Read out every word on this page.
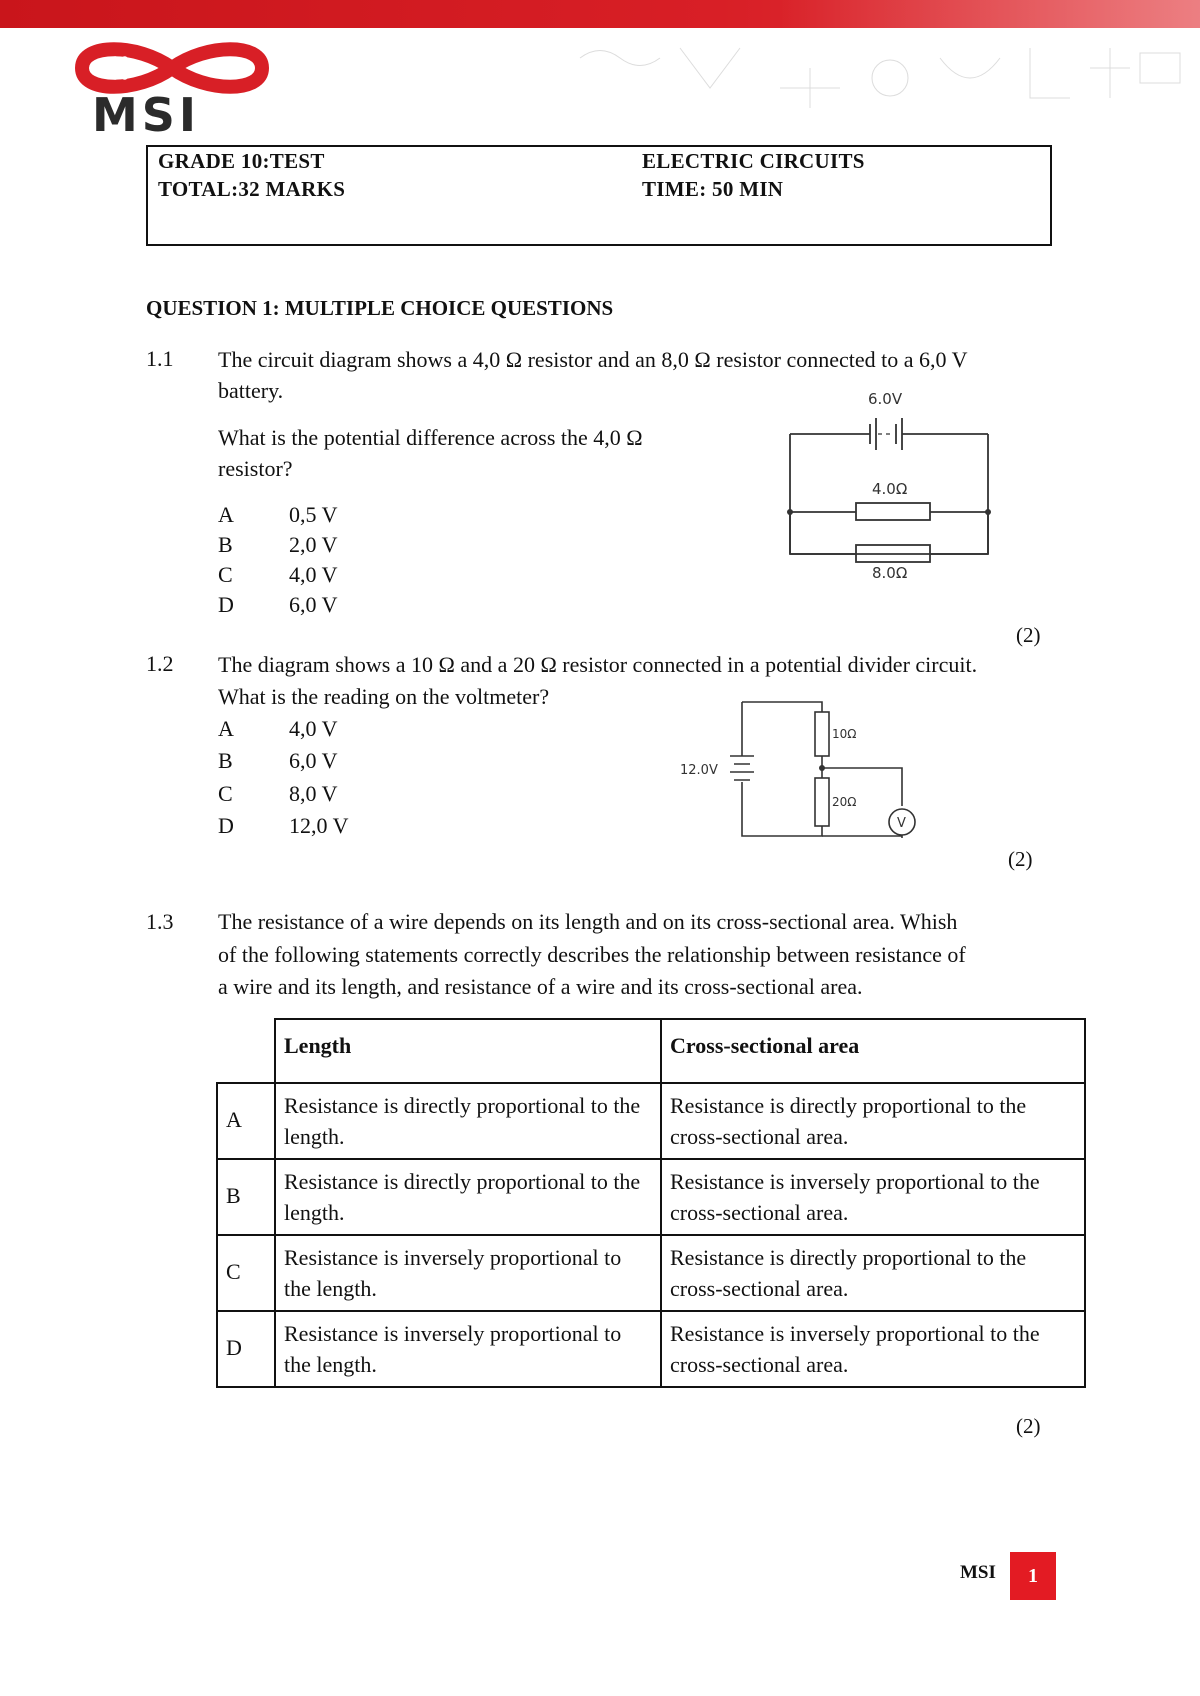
MSI
GRADE 10:TEST
TOTAL:32 MARKS
ELECTRIC CIRCUITS
TIME: 50 MIN
QUESTION 1: MULTIPLE CHOICE QUESTIONS
1.1 The circuit diagram shows a 4,0 Ω resistor and an 8,0 Ω resistor connected to a 6,0 V
battery.
What is the potential difference across the 4,0 Ω
resistor?
A	0,5 V
B	2,0 V
C	4,0 V
D	6,0 V
6.0V
4.0Ω
8.0Ω
(2)
1.2 The diagram shows a 10 Ω and a 20 Ω resistor connected in a potential divider circuit.
What is the reading on the voltmeter?
A	4,0 V
B	6,0 V
C	8,0 V
D	12,0 V
12.0V
10Ω
20Ω
V
(2)
1.3 The resistance of a wire depends on its length and on its cross-sectional area. Whish
of the following statements correctly describes the relationship between resistance of
a wire and its length, and resistance of a wire and its cross-sectional area.
	Length	Cross-sectional area
A	Resistance is directly proportional to the length.	Resistance is directly proportional to the cross-sectional area.
B	Resistance is directly proportional to the length.	Resistance is inversely proportional to the cross-sectional area.
C	Resistance is inversely proportional to the length.	Resistance is directly proportional to the cross-sectional area.
D	Resistance is inversely proportional to the length.	Resistance is inversely proportional to the cross-sectional area.
(2)
MSI	1
